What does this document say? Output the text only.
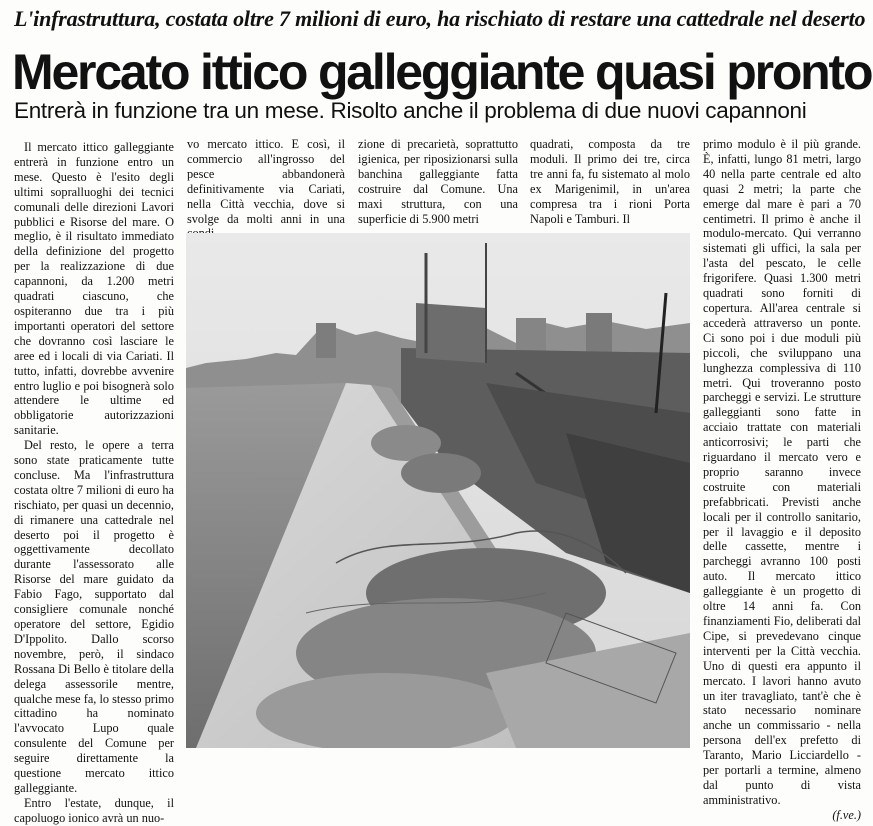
L'infrastruttura, costata oltre 7 milioni di euro, ha rischiato di restare una cattedrale nel deserto
Mercato ittico galleggiante quasi pronto
Entrerà in funzione tra un mese. Risolto anche il problema di due nuovi capannoni

Il mercato ittico galleggiante entrerà in funzione entro un mese. Questo è l'esito degli ultimi sopralluoghi dei tecnici comunali delle direzioni Lavori pubblici e Risorse del mare. O meglio, è il risultato immediato della definizione del progetto per la realizzazione di due capannoni, da 1.200 metri quadrati ciascuno, che ospiteranno due tra i più importanti operatori del settore che dovranno così lasciare le aree ed i locali di via Cariati. Il tutto, infatti, dovrebbe avvenire entro luglio e poi bisognerà solo attendere le ultime ed obbligatorie autorizzazioni sanitarie.

Del resto, le opere a terra sono state praticamente tutte concluse. Ma l'infrastruttura costata oltre 7 milioni di euro ha rischiato, per quasi un decennio, di rimanere una cattedrale nel deserto poi il progetto è oggettivamente decollato durante l'assessorato alle Risorse del mare guidato da Fabio Fago, supportato dal consigliere comunale nonché operatore del settore, Egidio D'Ippolito. Dallo scorso novembre, però, il sindaco Rossana Di Bello è titolare della delega assessorile mentre, qualche mese fa, lo stesso primo cittadino ha nominato l'avvocato Lupo quale consulente del Comune per seguire direttamente la questione mercato ittico galleggiante.

Entro l'estate, dunque, il capoluogo ionico avrà un nuo-

vo mercato ittico. E così, il commercio all'ingrosso del pesce abbandonerà definitivamente via Cariati, nella Città vecchia, dove si svolge da molti anni in una

zione di precarietà, soprattutto igienica, per riposizionarsi sulla banchina galleggiante fatta costruire dal Comune. Una maxi struttura, con una superficie di 5.900 metri

quadrati, composta da tre moduli. Il primo dei tre, circa tre anni fa, fu sistemato al molo ex Marigenimil, in un'area compresa tra i rioni Porta Napoli e Tamburi. Il

primo modulo è il più grande. È, infatti, lungo 81 metri, largo 40 nella parte centrale ed alto quasi 2 metri; la parte che emerge dal mare è pari a 70 centimetri. Il primo è anche il modulo-mercato. Qui verranno sistemati gli uffici, la sala per l'asta del pescato, le celle frigorifere. Quasi 1.300 metri quadrati sono forniti di copertura. All'area centrale si accederà attraverso un ponte. Ci sono poi i due moduli più piccoli, che sviluppano una lunghezza complessiva di 110 metri. Qui troveranno posto parcheggi e servizi. Le strutture galleggianti sono fatte in acciaio trattate con materiali anticorrosivi; le parti che riguardano il mercato vero e proprio saranno invece costruite con materiali prefabbricati. Previsti anche locali per il controllo sanitario, per il lavaggio e il deposito delle cassette, mentre i parcheggi avranno 100 posti auto. Il mercato ittico galleggiante è un progetto di oltre 14 anni fa. Con finanziamenti Fio, deliberati dal Cipe, si prevedevano cinque interventi per la Città vecchia. Uno di questi era appunto il mercato. I lavori hanno avuto un iter travagliato, tant'è che è stato necessario nominare anche un commissario - nella persona dell'ex prefetto di Taranto, Mario Licciardello - per portarli a termine, almeno dal punto di vista amministrativo.

(f.ve.)
